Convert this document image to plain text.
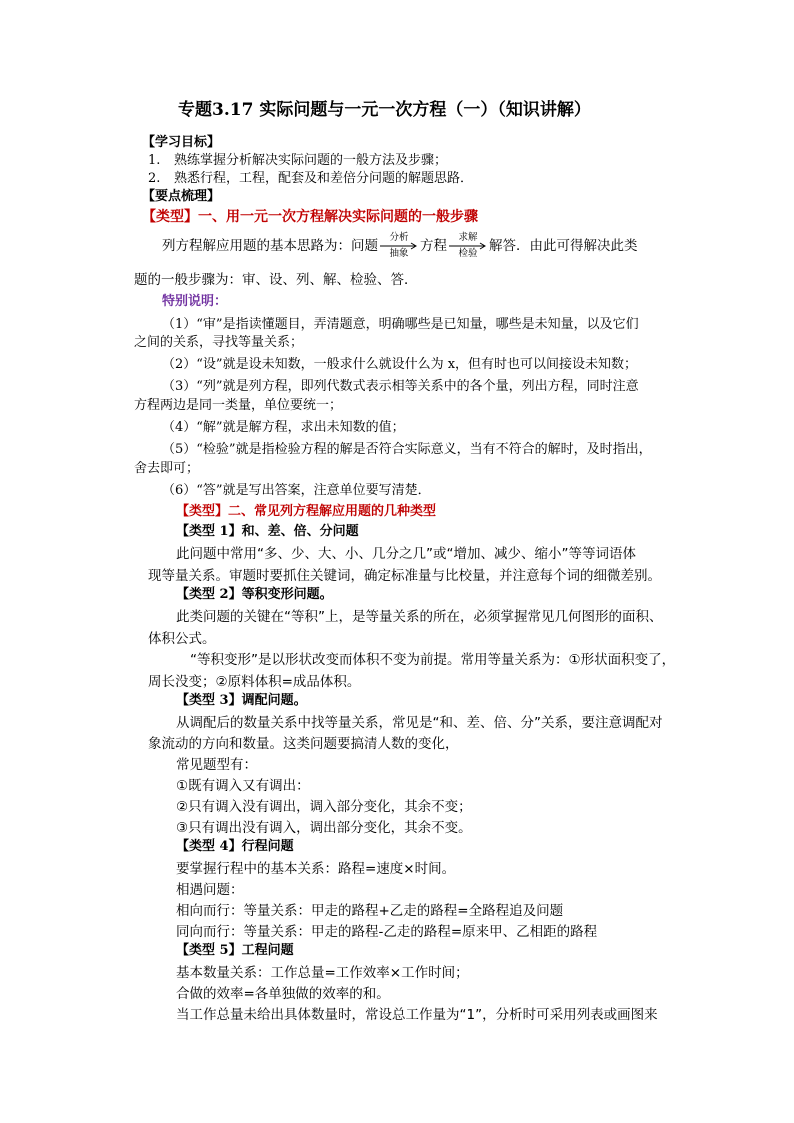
专题3.17 实际问题与一元一次方程（一）（知识讲解）
【学习目标】
1. 熟练掌握分析解决实际问题的一般方法及步骤；
2. 熟悉行程，工程，配套及和差倍分问题的解题思路．
【要点梳理】
【类型】一、用一元一次方程解决实际问题的一般步骤
列方程解应用题的基本思路为：问题
分析
抽象 方程
求解
检验 解答．由此可得解决此类
题的一般步骤为：审、设、列、解、检验、答．
特别说明：
（1）“审”是指读懂题目，弄清题意，明确哪些是已知量，哪些是未知量，以及它们
之间的关系，寻找等量关系；
（2）“设”就是设未知数，一般求什么就设什么为 x，但有时也可以间接设未知数；
（3）“列”就是列方程，即列代数式表示相等关系中的各个量，列出方程，同时注意
方程两边是同一类量，单位要统一；
（4）“解”就是解方程，求出未知数的值；
（5）“检验”就是指检验方程的解是否符合实际意义，当有不符合的解时，及时指出，
舍去即可；
（6）“答”就是写出答案，注意单位要写清楚．
【类型】二、常见列方程解应用题的几种类型
【类型 1】和、差、倍、分问题
此问题中常用“多、少、大、小、几分之几”或“增加、减少、缩小”等等词语体
现等量关系。审题时要抓住关键词，确定标准量与比校量，并注意每个词的细微差别。
【类型 2】等积变形问题。
此类问题的关键在“等积”上，是等量关系的所在，必须掌握常见几何图形的面积、
体积公式。
“等积变形”是以形状改变而体积不变为前提。常用等量关系为：①形状面积变了，
周长没变；②原料体积=成品体积。
【类型 3】调配问题。
从调配后的数量关系中找等量关系，常见是“和、差、倍、分”关系，要注意调配对
象流动的方向和数量。这类问题要搞清人数的变化，
常见题型有：
①既有调入又有调出：
②只有调入没有调出，调入部分变化，其余不变；
③只有调出没有调入，调出部分变化，其余不变。
【类型 4】行程问题
要掌握行程中的基本关系：路程=速度×时间。
相遇问题：
相向而行：等量关系：甲走的路程+乙走的路程=全路程追及问题
同向而行：等量关系：甲走的路程-乙走的路程=原来甲、乙相距的路程
【类型 5】工程问题
基本数量关系：工作总量=工作效率×工作时间；
合做的效率=各单独做的效率的和。
当工作总量未给出具体数量时，常设总工作量为“1”，分析时可采用列表或画图来
